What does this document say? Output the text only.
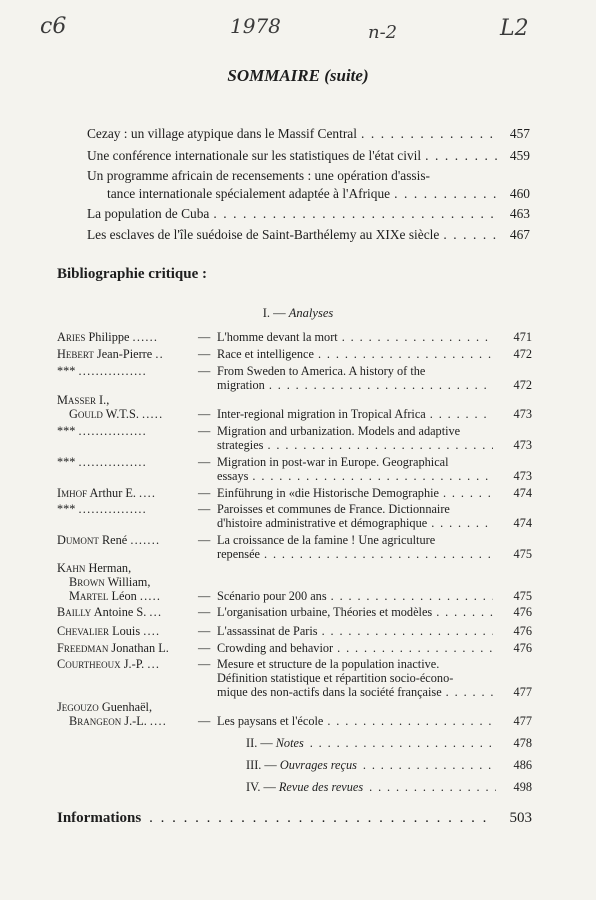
c6	1978	n-2	L2
SOMMAIRE (suite)
Cezay : un village atypique dans le Massif Central . . .	457
Une conférence internationale sur les statistiques de l'état civil . . .	459
Un programme africain de recensements : une opération d'assis-
tance internationale spécialement adaptée à l'Afrique . . .	460
La population de Cuba . . .	463
Les esclaves de l'île suédoise de Saint-Barthélemy au XIXe siècle . . .	467
Bibliographie critique :
I. — Analyses
Aries Philippe ......	— L'homme devant la mort . . .	471
Hebert Jean-Pierre ..	— Race et intelligence . . .	472
*** ................	— From Sweden to America. A history of the
migration . . .	472
Masser I.,
Gould W.T.S. .....	— Inter-regional migration in Tropical Africa . . .	473
*** ................	— Migration and urbanization. Models and adaptive
strategies . . .	473
*** ................	— Migration in post-war in Europe. Geographical
essays . . .	473
Imhof Arthur E. ....	— Einführung in «die Historische Demographie . . .	474
*** ................	— Paroisses et communes de France. Dictionnaire
d'histoire administrative et démographique . . .	474
Dumont René .......	— La croissance de la famine ! Une agriculture
repensée . . .	475
Kahn Herman,
Brown William,
Martel Léon .....	— Scénario pour 200 ans . . .	475
Bailly Antoine S. ...	— L'organisation urbaine, Théories et modèles . . .	476
Chevalier Louis ....	— L'assassinat de Paris . . .	476
Freedman Jonathan L.	— Crowding and behavior . . .	476
Courtheoux J.-P. ...	— Mesure et structure de la population inactive.
Définition statistique et répartition socio-écono-
mique des non-actifs dans la société française . . .	477
Jegouzo Guenhaël,
Brangeon J.-L. ....	— Les paysans et l'école . . .	477
II. — Notes . . .	478
III. — Ouvrages reçus . . .	486
IV. — Revue des revues . . .	498
Informations . . .	503
